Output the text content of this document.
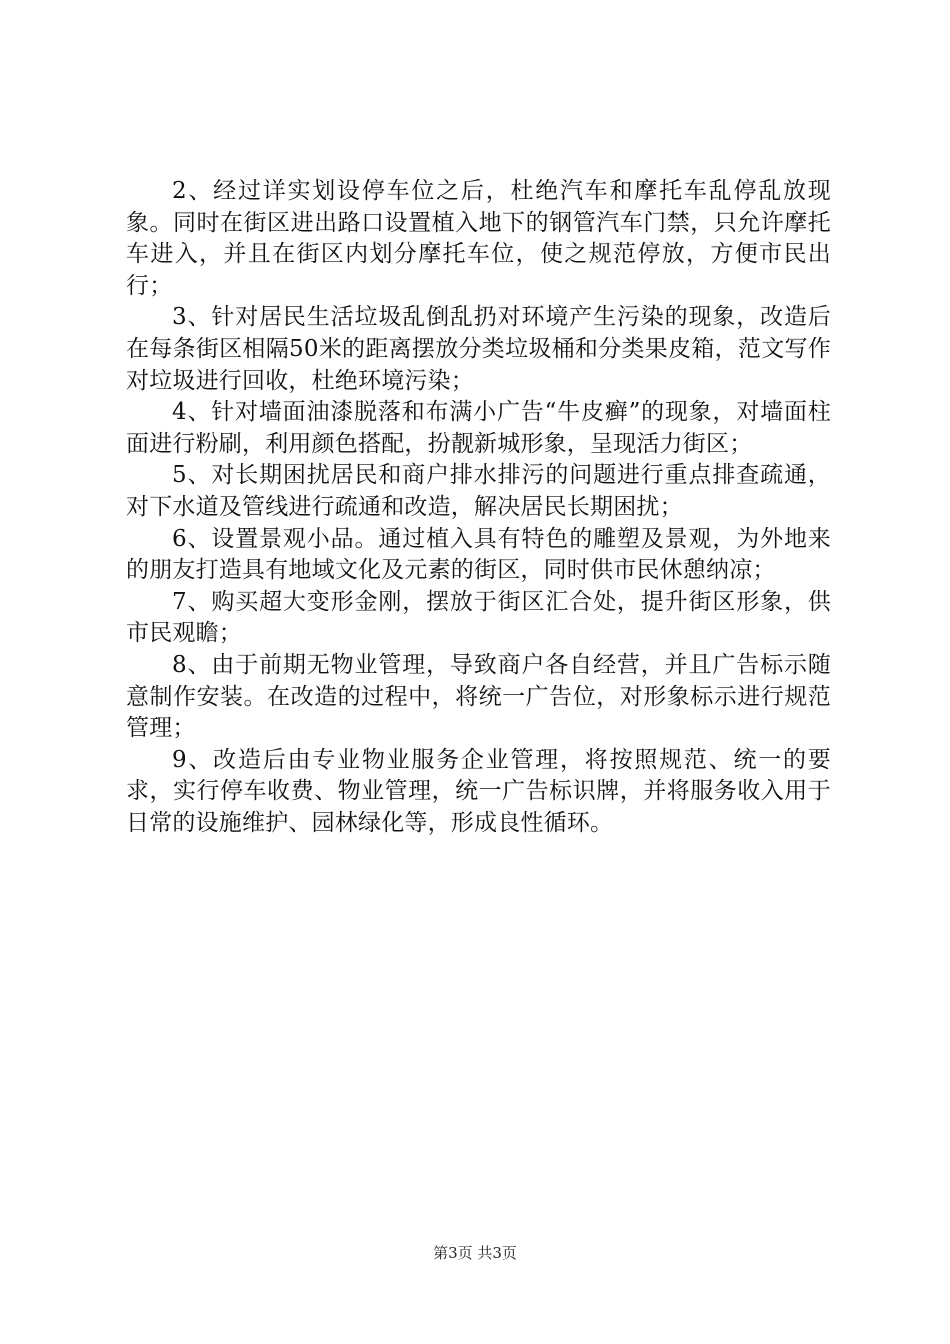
2、经过详实划设停车位之后，杜绝汽车和摩托车乱停乱放现象。同时在街区进出路口设置植入地下的钢管汽车门禁，只允许摩托车进入，并且在街区内划分摩托车位，使之规范停放，方便市民出行；

3、针对居民生活垃圾乱倒乱扔对环境产生污染的现象，改造后在每条街区相隔50米的距离摆放分类垃圾桶和分类果皮箱，范文写作对垃圾进行回收，杜绝环境污染；

4、针对墙面油漆脱落和布满小广告“牛皮癣”的现象，对墙面柱面进行粉刷，利用颜色搭配，扮靓新城形象，呈现活力街区；

5、对长期困扰居民和商户排水排污的问题进行重点排查疏通，对下水道及管线进行疏通和改造，解决居民长期困扰；

6、设置景观小品。通过植入具有特色的雕塑及景观，为外地来的朋友打造具有地域文化及元素的街区，同时供市民休憩纳凉；

7、购买超大变形金刚，摆放于街区汇合处，提升街区形象，供市民观瞻；

8、由于前期无物业管理，导致商户各自经营，并且广告标示随意制作安装。在改造的过程中，将统一广告位，对形象标示进行规范管理；

9、改造后由专业物业服务企业管理，将按照规范、统一的要求，实行停车收费、物业管理，统一广告标识牌，并将服务收入用于日常的设施维护、园林绿化等，形成良性循环。

第3页 共3页
